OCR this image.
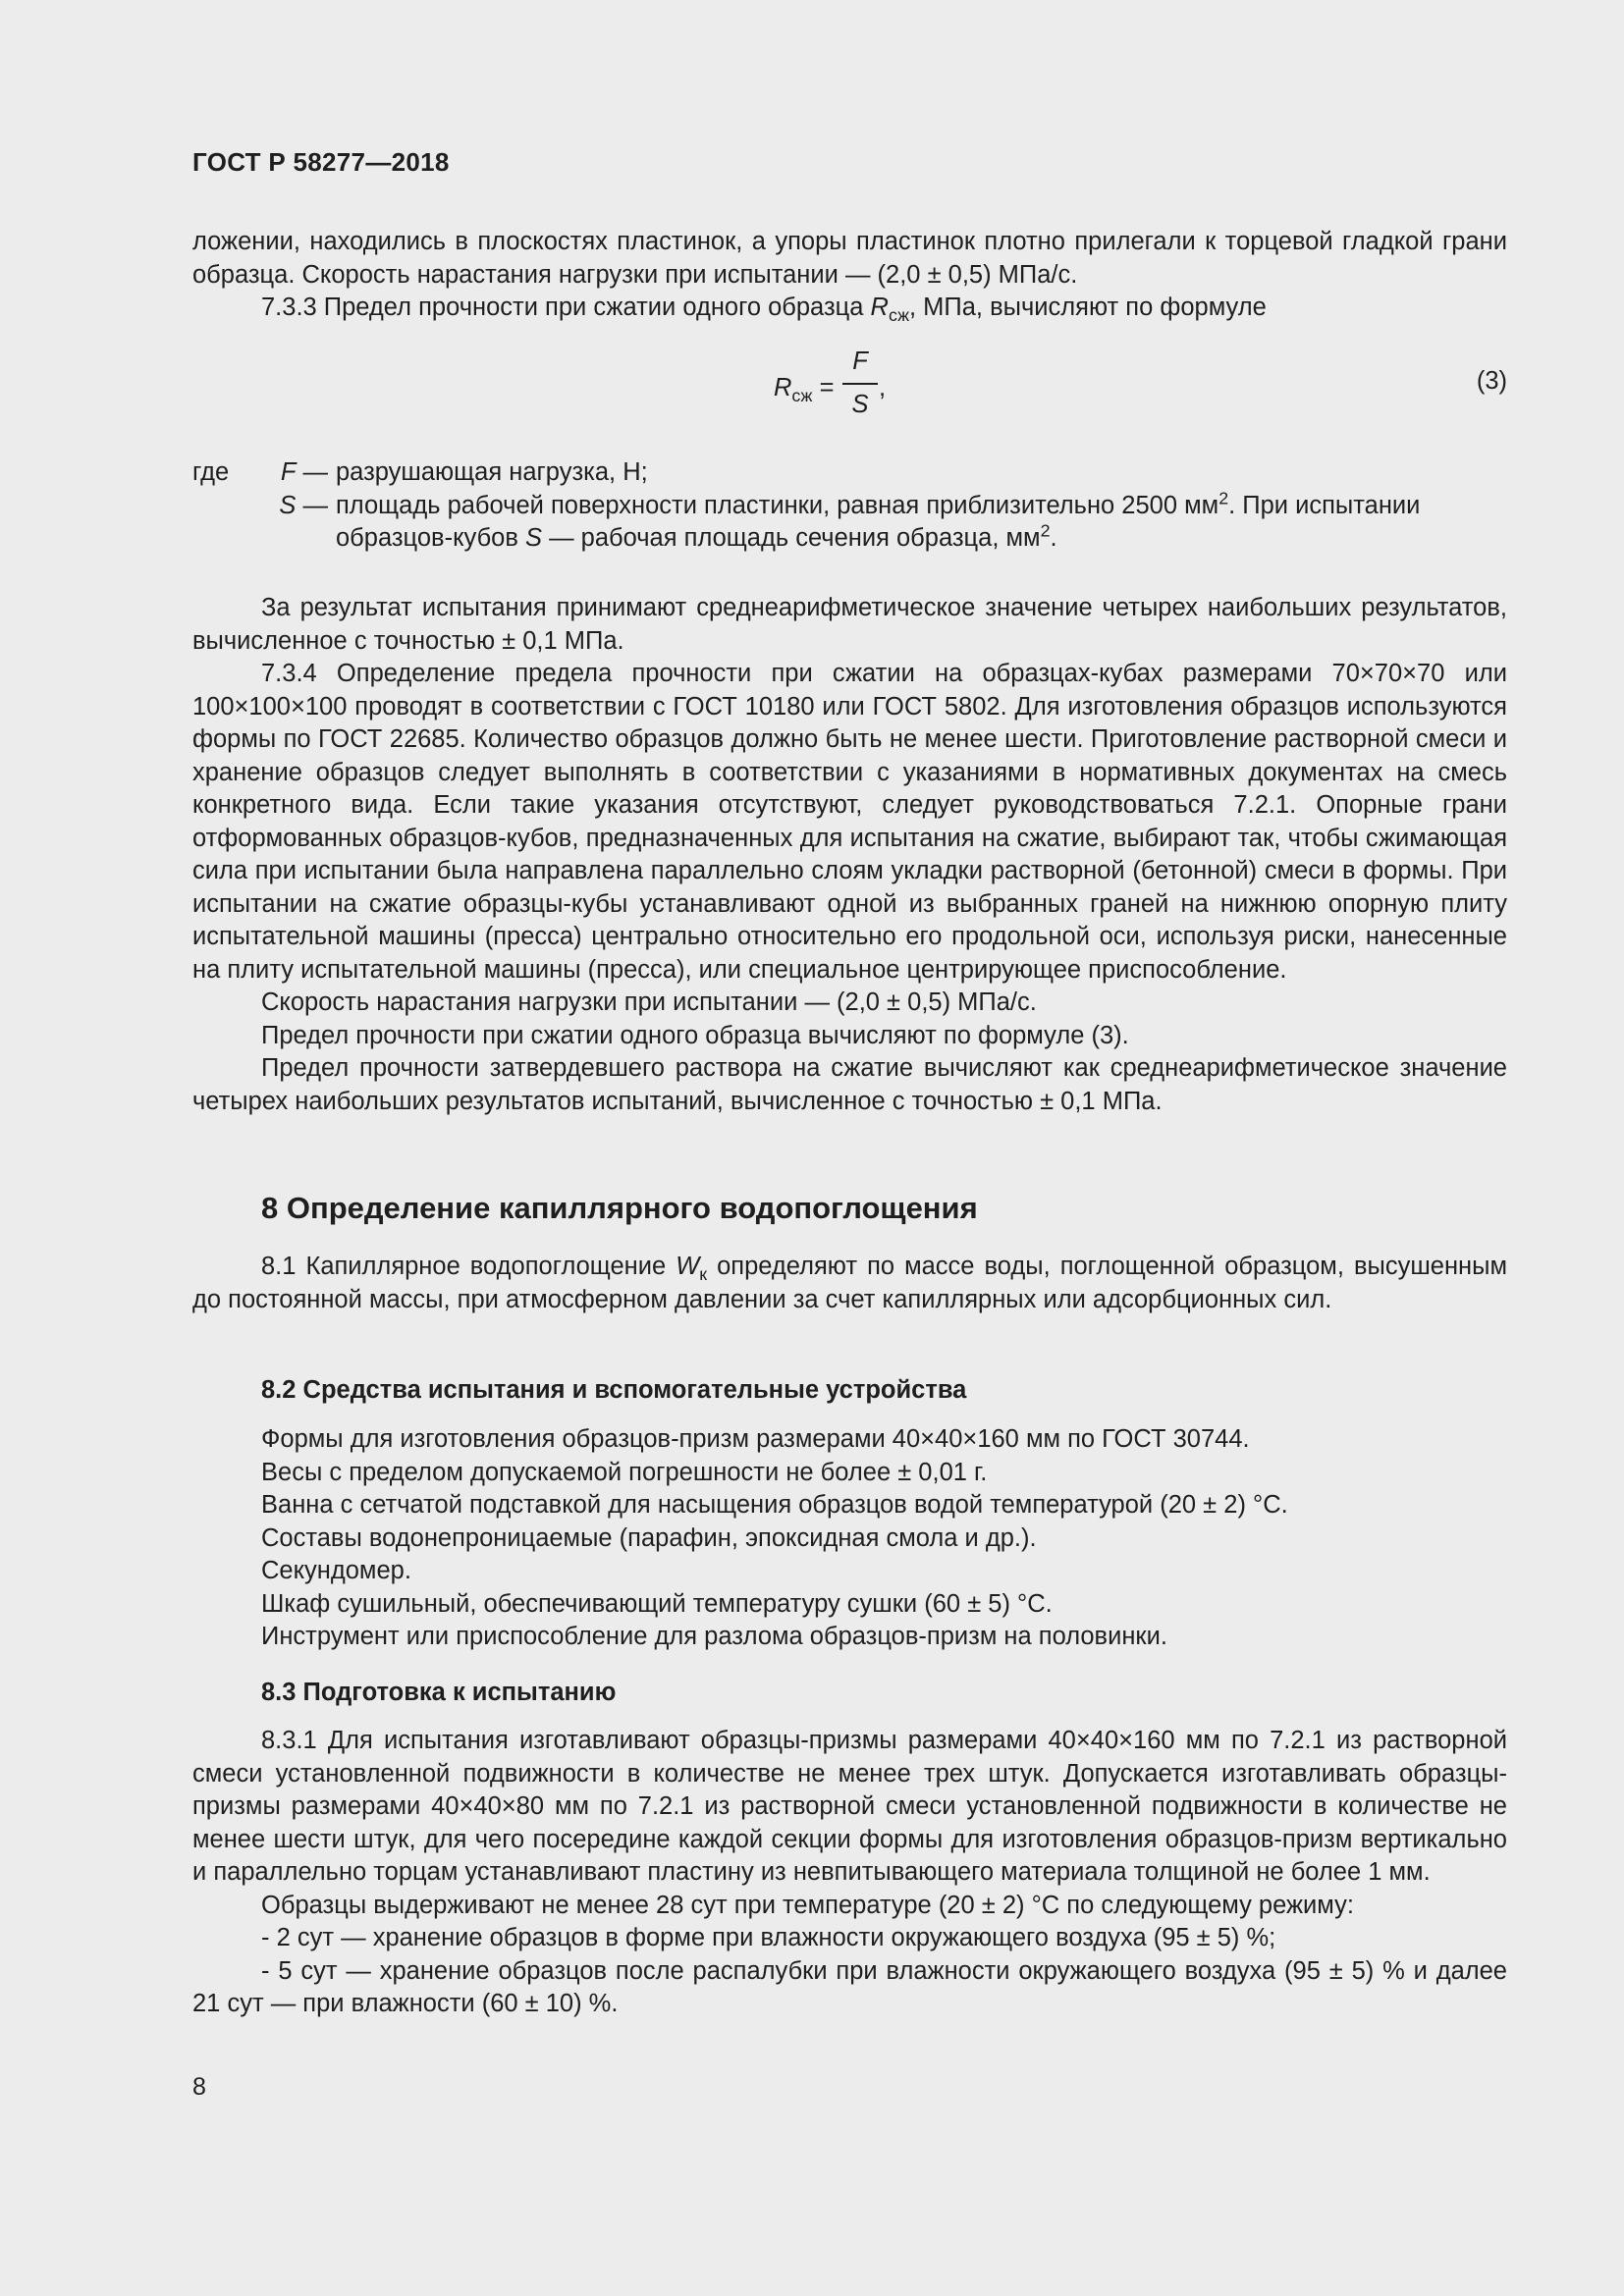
ГОСТ Р 58277—2018

ложении, находились в плоскостях пластинок, а упоры пластинок плотно прилегали к торцевой гладкой грани образца. Скорость нарастания нагрузки при испытании — (2,0 ± 0,5) МПа/с.

7.3.3 Предел прочности при сжатии одного образца $R_{сж}$, МПа, вычисляют по формуле

$R_{сж}$ =
F
S
,	(3)
где	F — разрушающая нагрузка, Н;
S — площадь рабочей поверхности пластинки, равная приблизительно 2500 $мм^2$. При испытании
образцов-кубов S — рабочая площадь сечения образца, $мм^2$.

За результат испытания принимают среднеарифметическое значение четырех наибольших результатов, вычисленное с точностью ± 0,1 МПа.

7.3.4 Определение предела прочности при сжатии на образцах-кубах размерами 70×70×70 или 100×100×100 проводят в соответствии с ГОСТ 10180 или ГОСТ 5802. Для изготовления образцов используются формы по ГОСТ 22685. Количество образцов должно быть не менее шести. Приготовление растворной смеси и хранение образцов следует выполнять в соответствии с указаниями в нормативных документах на смесь конкретного вида. Если такие указания отсутствуют, следует руководствоваться 7.2.1. Опорные грани отформованных образцов-кубов, предназначенных для испытания на сжатие, выбирают так, чтобы сжимающая сила при испытании была направлена параллельно слоям укладки растворной (бетонной) смеси в формы. При испытании на сжатие образцы-кубы устанавливают одной из выбранных граней на нижнюю опорную плиту испытательной машины (пресса) центрально относительно его продольной оси, используя риски, нанесенные на плиту испытательной машины (пресса), или специальное центрирующее приспособление.

Скорость нарастания нагрузки при испытании — (2,0 ± 0,5) МПа/с.

Предел прочности при сжатии одного образца вычисляют по формуле (3).

Предел прочности затвердевшего раствора на сжатие вычисляют как среднеарифметическое значение четырех наибольших результатов испытаний, вычисленное с точностью ± 0,1 МПа.

8 Определение капиллярного водопоглощения

8.1 Капиллярное водопоглощение $W_к$ определяют по массе воды, поглощенной образцом, высушенным до постоянной массы, при атмосферном давлении за счет капиллярных или адсорбционных сил.

8.2 Средства испытания и вспомогательные устройства
Формы для изготовления образцов-призм размерами 40×40×160 мм по ГОСТ 30744.
Весы с пределом допускаемой погрешности не более ± 0,01 г.
Ванна с сетчатой подставкой для насыщения образцов водой температурой (20 ± 2) °С.
Составы водонепроницаемые (парафин, эпоксидная смола и др.).
Секундомер.
Шкаф сушильный, обеспечивающий температуру сушки (60 ± 5) °С.
Инструмент или приспособление для разлома образцов-призм на половинки.
8.3 Подготовка к испытанию

8.3.1 Для испытания изготавливают образцы-призмы размерами 40×40×160 мм по 7.2.1 из растворной смеси установленной подвижности в количестве не менее трех штук. Допускается изготавливать образцы-призмы размерами 40×40×80 мм по 7.2.1 из растворной смеси установленной подвижности в количестве не менее шести штук, для чего посередине каждой секции формы для изготовления образцов-призм вертикально и параллельно торцам устанавливают пластину из невпитывающего материала толщиной не более 1 мм.

Образцы выдерживают не менее 28 сут при температуре (20 ± 2) °С по следующему режиму:

- 2 сут — хранение образцов в форме при влажности окружающего воздуха (95 ± 5) %;

- 5 сут — хранение образцов после распалубки при влажности окружающего воздуха (95 ± 5) % и далее 21 сут — при влажности (60 ± 10) %.

8
